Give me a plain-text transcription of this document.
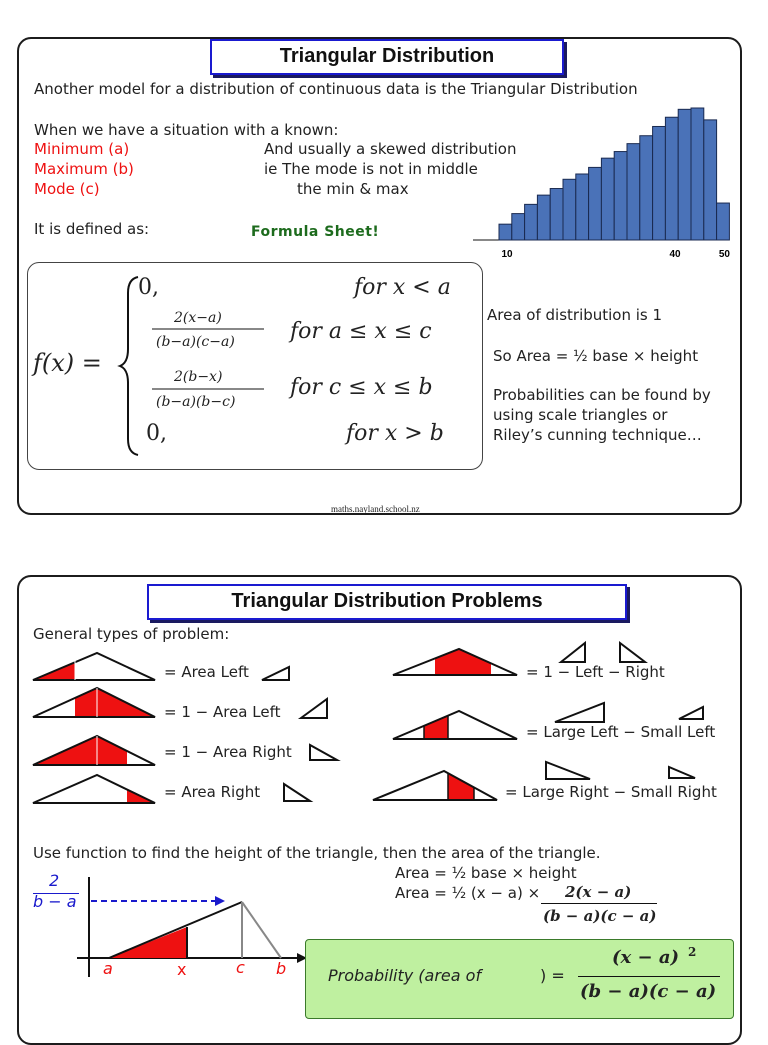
Triangular Distribution
Another model for a distribution of continuous data is the Triangular Distribution
When we have a situation with a known:
Minimum (a)
Maximum (b)
Mode (c)
And usually a skewed distribution
ie The mode is not in middle
the min & max
It is defined as:	Formula Sheet!
10	40	50
f(x) =
0,	for x < a
2(x−a)
(b−a)(c−a)	for a ≤ x ≤ c
2(b−x)
(b−a)(b−c)
for c ≤ x ≤ b
0,	for x > b
Area of distribution is 1
So Area = ½ base × height
Probabilities can be found by
using scale triangles or
Riley’s cunning technique…
maths.nayland.school.nz
Triangular Distribution Problems
General types of problem:
= Area Left
= 1 − Area Left
= 1 − Area Right
= Area Right
= 1 − Left − Right
= Large Left − Small Left
= Large Right − Small Right
Use function to find the height of the triangle, then the area of the triangle.
Area = ½ base × height
Area = ½ (x − a) × 2(x − a)
(b − a)(c − a)
2
b − a
a	x	c b	Probability (area of	) =
(x − a) 2
(b − a)(c − a)
